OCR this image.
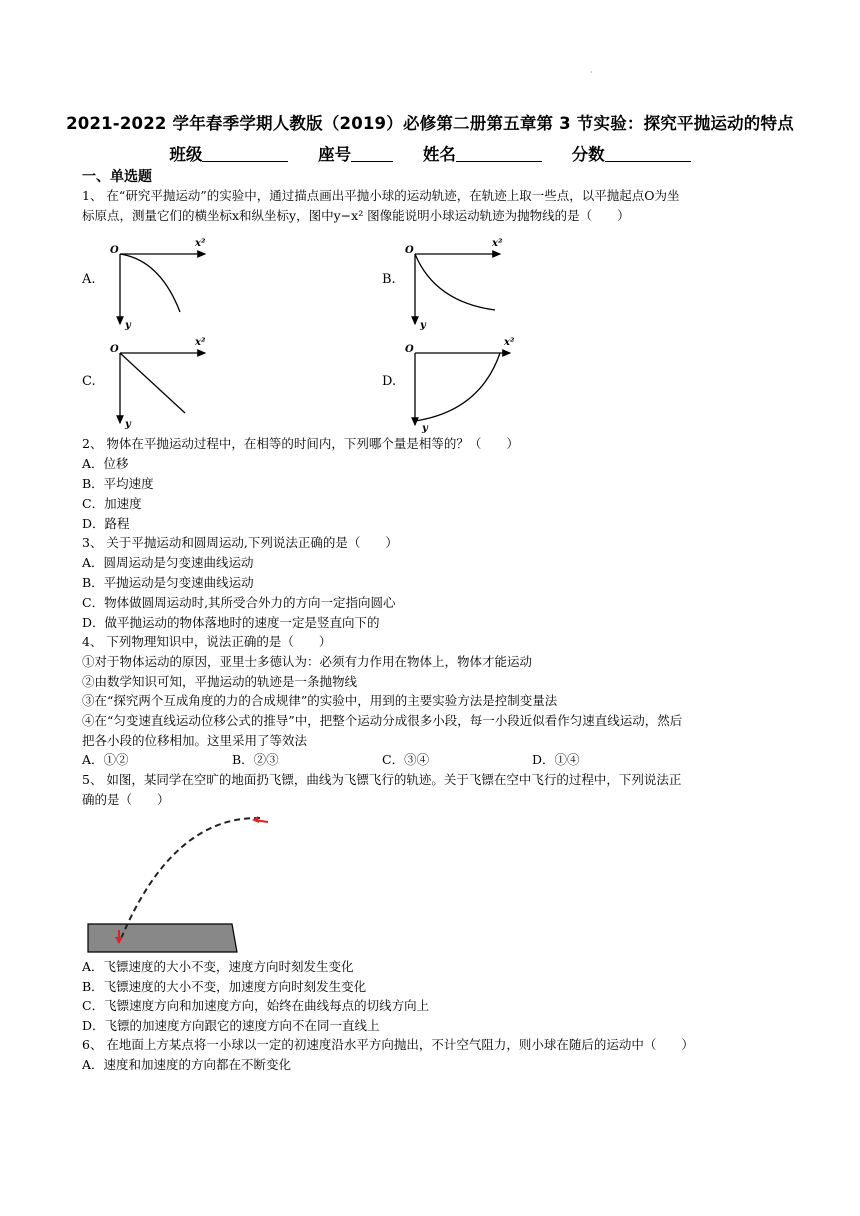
·
2021-2022 学年春季学期人教版（2019）必修第二册第五章第 3 节实验：探究平抛运动的特点
班级	座号	姓名	分数
一、单选题
1、 在“研究平抛运动”的实验中，通过描点画出平抛小球的运动轨迹，在轨迹上取一些点，以平抛起点O为坐
标原点，测量它们的横坐标x和纵坐标y，图中y−x² 图像能说明小球运动轨迹为抛物线的是（　　）
A.	B.
C.	D.
O
x²
y
O
x²
y
O
x²
y
O
x²
y
2、 物体在平抛运动过程中，在相等的时间内，下列哪个量是相等的？（　　）
A．位移
B．平均速度
C．加速度
D．路程
3、 关于平抛运动和圆周运动,下列说法正确的是（　　）
A．圆周运动是匀变速曲线运动
B．平抛运动是匀变速曲线运动
C．物体做圆周运动时,其所受合外力的方向一定指向圆心
D．做平抛运动的物体落地时的速度一定是竖直向下的
4、 下列物理知识中，说法正确的是（　　）
①对于物体运动的原因，亚里士多德认为：必须有力作用在物体上，物体才能运动
②由数学知识可知，平抛运动的轨迹是一条抛物线
③在“探究两个互成角度的力的合成规律”的实验中，用到的主要实验方法是控制变量法
④在“匀变速直线运动位移公式的推导”中，把整个运动分成很多小段，每一小段近似看作匀速直线运动，然后
把各小段的位移相加。这里采用了等效法
A．①②	B．②③	C．③④	D．①④
5、 如图，某同学在空旷的地面扔飞镖，曲线为飞镖飞行的轨迹。关于飞镖在空中飞行的过程中，下列说法正
确的是（　　）
A．飞镖速度的大小不变，速度方向时刻发生变化
B．飞镖速度的大小不变，加速度方向时刻发生变化
C．飞镖速度方向和加速度方向，始终在曲线每点的切线方向上
D．飞镖的加速度方向跟它的速度方向不在同一直线上
6、 在地面上方某点将一小球以一定的初速度沿水平方向抛出，不计空气阻力，则小球在随后的运动中（　　）
A．速度和加速度的方向都在不断变化
